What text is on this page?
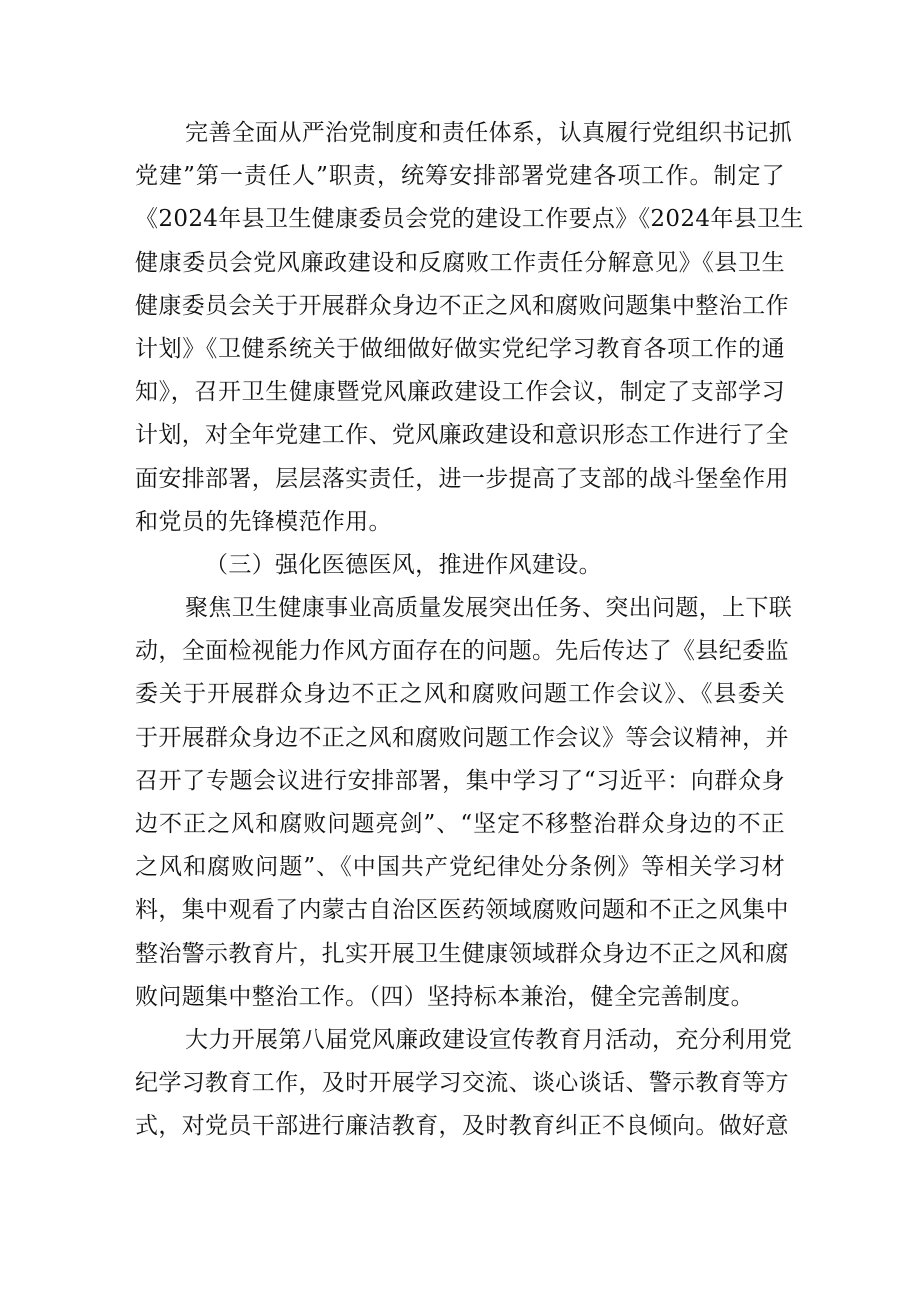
完善全面从严治党制度和责任体系，认真履行党组织书记抓
党建”第一责任人”职责，统筹安排部署党建各项工作。制定了
《2024年县卫生健康委员会党的建设工作要点》《2024年县卫生
健康委员会党风廉政建设和反腐败工作责任分解意见》《县卫生
健康委员会关于开展群众身边不正之风和腐败问题集中整治工作
计划》《卫健系统关于做细做好做实党纪学习教育各项工作的通
知》，召开卫生健康暨党风廉政建设工作会议，制定了支部学习
计划，对全年党建工作、党风廉政建设和意识形态工作进行了全
面安排部署，层层落实责任，进一步提高了支部的战斗堡垒作用
和党员的先锋模范作用。
（三）强化医德医风，推进作风建设。
聚焦卫生健康事业高质量发展突出任务、突出问题，上下联
动，全面检视能力作风方面存在的问题。先后传达了《县纪委监
委关于开展群众身边不正之风和腐败问题工作会议》、《县委关
于开展群众身边不正之风和腐败问题工作会议》等会议精神，并
召开了专题会议进行安排部署，集中学习了“习近平：向群众身
边不正之风和腐败问题亮剑”、“坚定不移整治群众身边的不正
之风和腐败问题”、《中国共产党纪律处分条例》等相关学习材
料，集中观看了内蒙古自治区医药领域腐败问题和不正之风集中
整治警示教育片，扎实开展卫生健康领域群众身边不正之风和腐
败问题集中整治工作。（四）坚持标本兼治，健全完善制度。
大力开展第八届党风廉政建设宣传教育月活动，充分利用党
纪学习教育工作，及时开展学习交流、谈心谈话、警示教育等方
式，对党员干部进行廉洁教育，及时教育纠正不良倾向。做好意
